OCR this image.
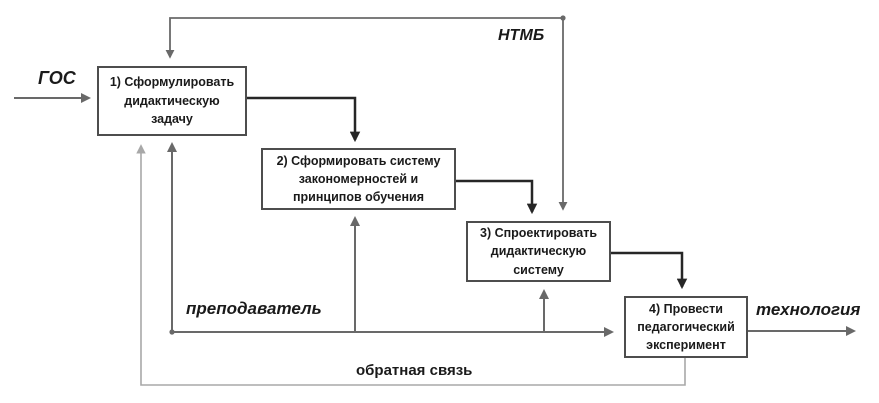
1) Сформулировать дидактическую задачу
2) Сформировать систему закономерностей и принципов обучения
3) Спроектировать дидактическую систему
4) Провести педагогический эксперимент
ГОС
НТМБ
преподаватель	технология
обратная связь
